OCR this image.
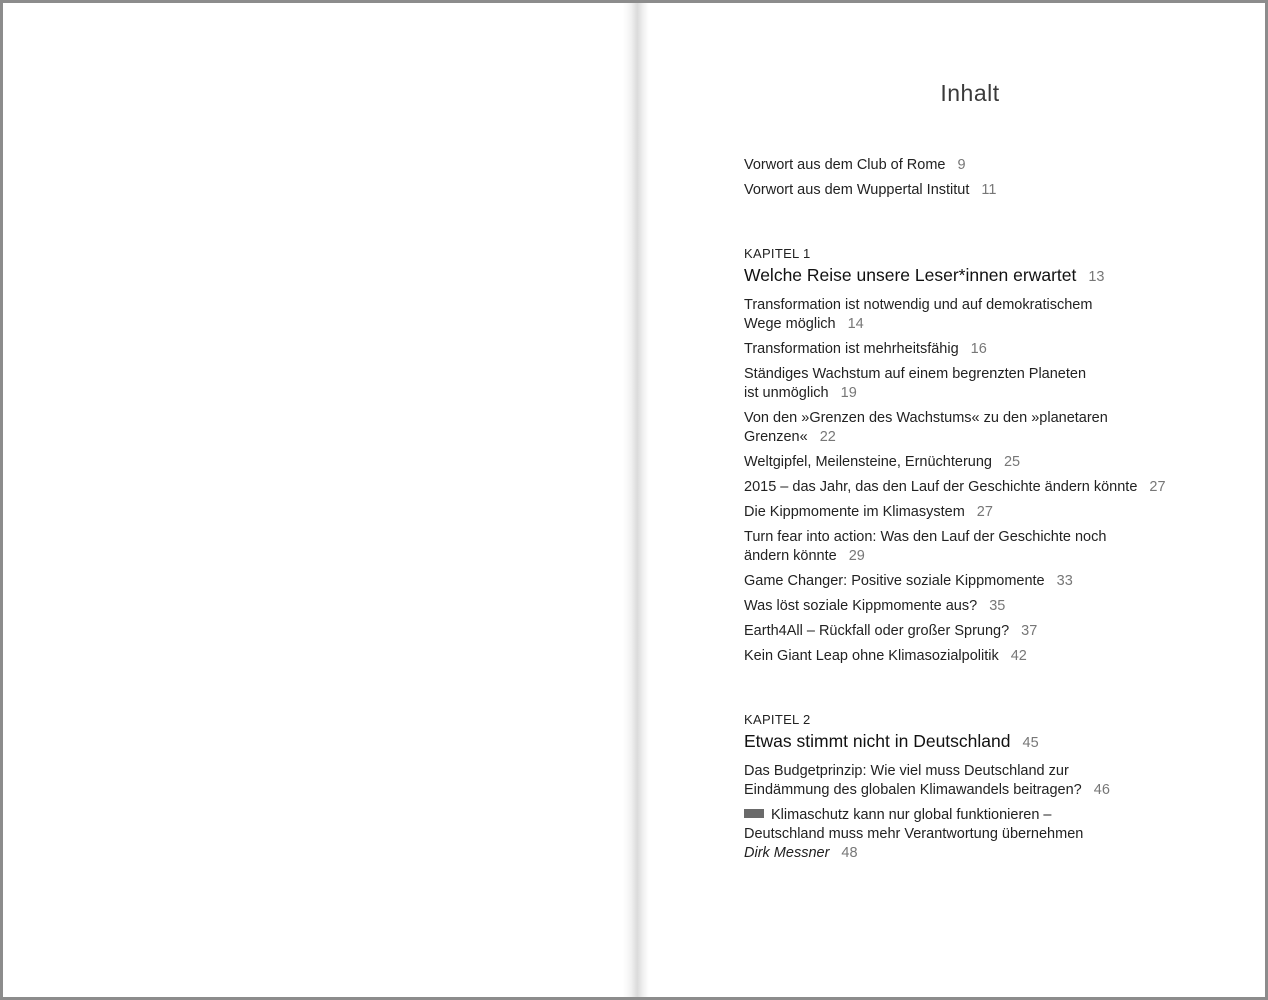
Inhalt
Vorwort aus dem Club of Rome 9
Vorwort aus dem Wuppertal Institut 11
KAPITEL 1
Welche Reise unsere Leser*innen erwartet 13
Transformation ist notwendig und auf demokratischem
Wege möglich 14
Transformation ist mehrheitsfähig 16
Ständiges Wachstum auf einem begrenzten Planeten
ist unmöglich 19
Von den »Grenzen des Wachstums« zu den »planetaren
Grenzen« 22
Weltgipfel, Meilensteine, Ernüchterung 25
2015 – das Jahr, das den Lauf der Geschichte ändern könnte 27
Die Kippmomente im Klimasystem 27
Turn fear into action: Was den Lauf der Geschichte noch
ändern könnte 29
Game Changer: Positive soziale Kippmomente 33
Was löst soziale Kippmomente aus? 35
Earth4All – Rückfall oder großer Sprung? 37
Kein Giant Leap ohne Klimasozialpolitik 42
KAPITEL 2
Etwas stimmt nicht in Deutschland 45
Das Budgetprinzip: Wie viel muss Deutschland zur
Eindämmung des globalen Klimawandels beitragen? 46
Klimaschutz kann nur global funktionieren –
Deutschland muss mehr Verantwortung übernehmen
Dirk Messner 48
